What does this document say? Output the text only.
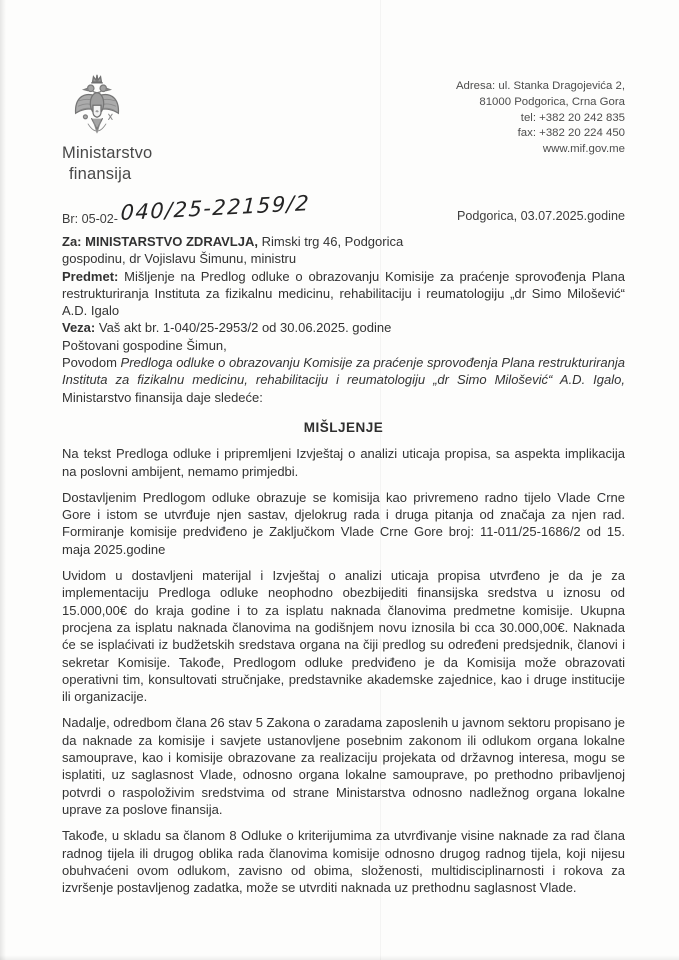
Ministarstvo
finansija
Adresa: ul. Stanka Dragojevića 2,
81000 Podgorica, Crna Gora
tel: +382 20 242 835
fax: +382 20 224 450
www.mif.gov.me
Br: 05-02-040/25-22159/2	Podgorica, 03.07.2025.godine

Za: MINISTARSTVO ZDRAVLJA, Rimski trg 46, Podgorica

gospodinu, dr Vojislavu Šimunu, ministru

Predmet: Mišljenje na Predlog odluke o obrazovanju Komisije za praćenje sprovođenja Plana restrukturiranja Instituta za fizikalnu medicinu, rehabilitaciju i reumatologiju „dr Simo Milošević“ A.D. Igalo

Veza: Vaš akt br. 1-040/25-2953/2 od 30.06.2025. godine

Poštovani gospodine Šimun,

Povodom Predloga odluke o obrazovanju Komisije za praćenje sprovođenja Plana restrukturiranja Instituta za fizikalnu medicinu, rehabilitaciju i reumatologiju „dr Simo Milošević“ A.D. Igalo, Ministarstvo finansija daje sledeće:

MIŠLJENJE

Na tekst Predloga odluke i pripremljeni Izvještaj o analizi uticaja propisa, sa aspekta implikacija na poslovni ambijent, nemamo primjedbi.

Dostavljenim Predlogom odluke obrazuje se komisija kao privremeno radno tijelo Vlade Crne Gore i istom se utvrđuje njen sastav, djelokrug rada i druga pitanja od značaja za njen rad. Formiranje komisije predviđeno je Zaključkom Vlade Crne Gore broj: 11-011/25-1686/2 od 15. maja 2025.godine

Uvidom u dostavljeni materijal i Izvještaj o analizi uticaja propisa utvrđeno je da je za implementaciju Predloga odluke neophodno obezbijediti finansijska sredstva u iznosu od 15.000,00€ do kraja godine i to za isplatu naknada članovima predmetne komisije. Ukupna procjena za isplatu naknada članovima na godišnjem novu iznosila bi cca 30.000,00€. Naknada će se isplaćivati iz budžetskih sredstava organa na čiji predlog su određeni predsjednik, članovi i sekretar Komisije. Takođe, Predlogom odluke predviđeno je da Komisija može obrazovati operativni tim, konsultovati stručnjake, predstavnike akademske zajednice, kao i druge institucije ili organizacije.

Nadalje, odredbom člana 26 stav 5 Zakona o zaradama zaposlenih u javnom sektoru propisano je da naknade za komisije i savjete ustanovljene posebnim zakonom ili odlukom organa lokalne samouprave, kao i komisije obrazovane za realizaciju projekata od državnog interesa, mogu se isplatiti, uz saglasnost Vlade, odnosno organa lokalne samouprave, po prethodno pribavljenoj potvrdi o raspoloživim sredstvima od strane Ministarstva odnosno nadležnog organa lokalne uprave za poslove finansija.

Takođe, u skladu sa članom 8 Odluke o kriterijumima za utvrđivanje visine naknade za rad člana radnog tijela ili drugog oblika rada članovima komisije odnosno drugog radnog tijela, koji nijesu obuhvaćeni ovom odlukom, zavisno od obima, složenosti, multidisciplinarnosti i rokova za izvršenje postavljenog zadatka, može se utvrditi naknada uz prethodnu saglasnost Vlade.
